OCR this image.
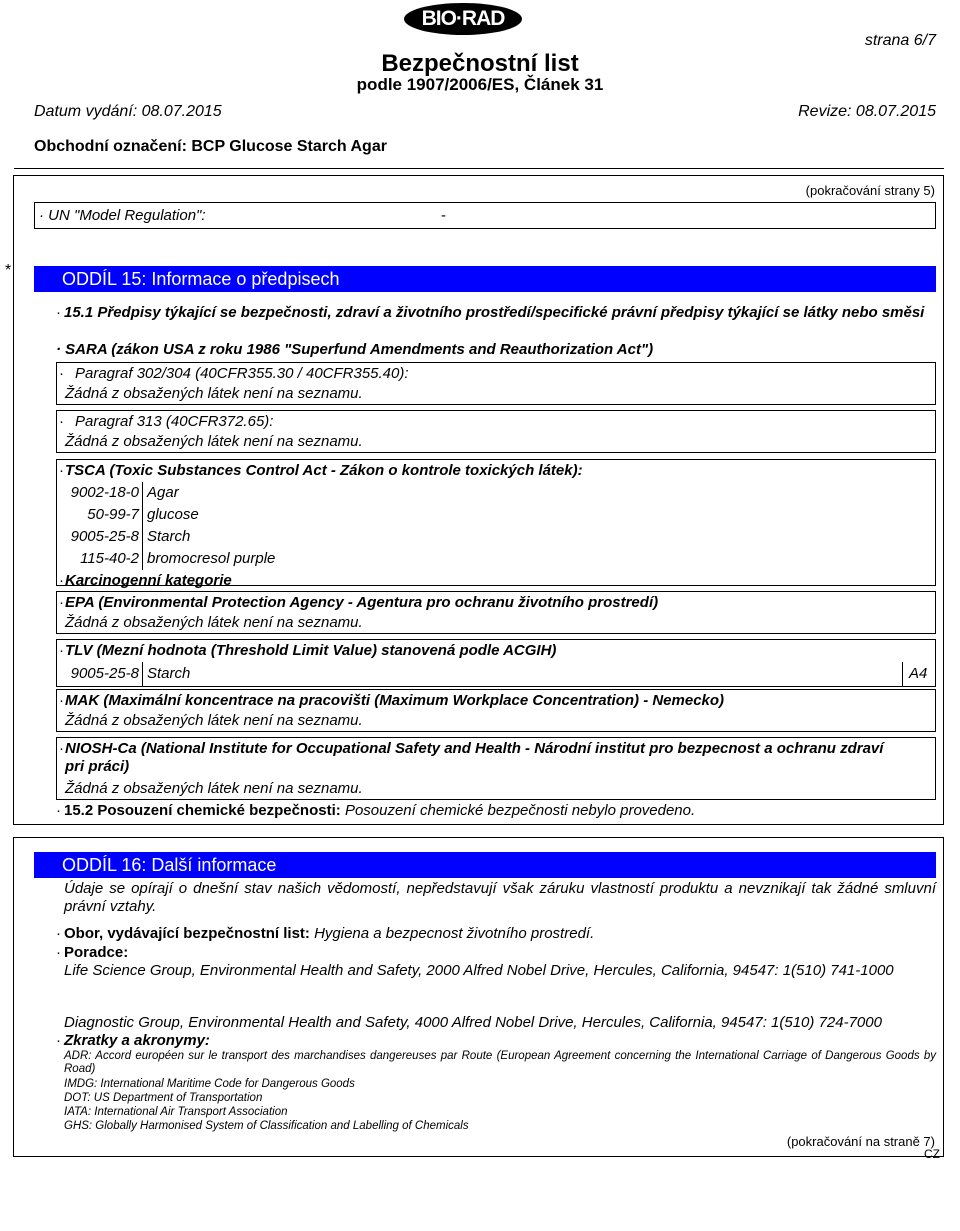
BIO·RAD
strana 6/7
Bezpečnostní list
podle 1907/2006/ES, Článek 31
Datum vydání: 08.07.2015	Revize: 08.07.2015
Obchodní označení: BCP Glucose Starch Agar
(pokračování strany 5)
· UN "Model Regulation":	-
ODDÍL 15: Informace o předpisech
· 15.1 Předpisy týkající se bezpečnosti, zdraví a životního prostředí/specifické právní předpisy týkající se látky nebo směsi
· SARA (zákon USA z roku 1986 "Superfund Amendments and Reauthorization Act")
· Paragraf 302/304 (40CFR355.30 / 40CFR355.40):
Žádná z obsažených látek není na seznamu.
· Paragraf 313 (40CFR372.65):
Žádná z obsažených látek není na seznamu.
· TSCA (Toxic Substances Control Act - Zákon o kontrole toxických látek):
9002-18-0 Agar
50-99-7 glucose
9005-25-8 Starch
115-40-2 bromocresol purple
· Karcinogenní kategorie
· EPA (Environmental Protection Agency - Agentura pro ochranu životního prostredí)
Žádná z obsažených látek není na seznamu.
· TLV (Mezní hodnota (Threshold Limit Value) stanovená podle ACGIH)
9005-25-8 Starch	A4
· MAK (Maximální koncentrace na pracovišti (Maximum Workplace Concentration) - Nemecko)
Žádná z obsažených látek není na seznamu.
· NIOSH-Ca (National Institute for Occupational Safety and Health - Národní institut pro bezpecnost a ochranu zdraví
pri práci)
Žádná z obsažených látek není na seznamu.
· 15.2 Posouzení chemické bezpečnosti: Posouzení chemické bezpečnosti nebylo provedeno.
*
ODDÍL 16: Další informace
Údaje se opírají o dnešní stav našich vědomostí, nepředstavují však záruku vlastností produktu a nevznikají tak žádné smluvní právní vztahy.
· Obor, vydávající bezpečnostní list: Hygiena a bezpecnost životního prostredí.
· Poradce:
Life Science Group, Environmental Health and Safety, 2000 Alfred Nobel Drive, Hercules, California, 94547: 1(510) 741-1000
Diagnostic Group, Environmental Health and Safety, 4000 Alfred Nobel Drive, Hercules, California, 94547: 1(510) 724-7000
· Zkratky a akronymy:
ADR: Accord européen sur le transport des marchandises dangereuses par Route (European Agreement concerning the International Carriage of Dangerous Goods by Road)
IMDG: International Maritime Code for Dangerous Goods
DOT: US Department of Transportation
IATA: International Air Transport Association
GHS: Globally Harmonised System of Classification and Labelling of Chemicals
(pokračování na straně 7)
CZ
